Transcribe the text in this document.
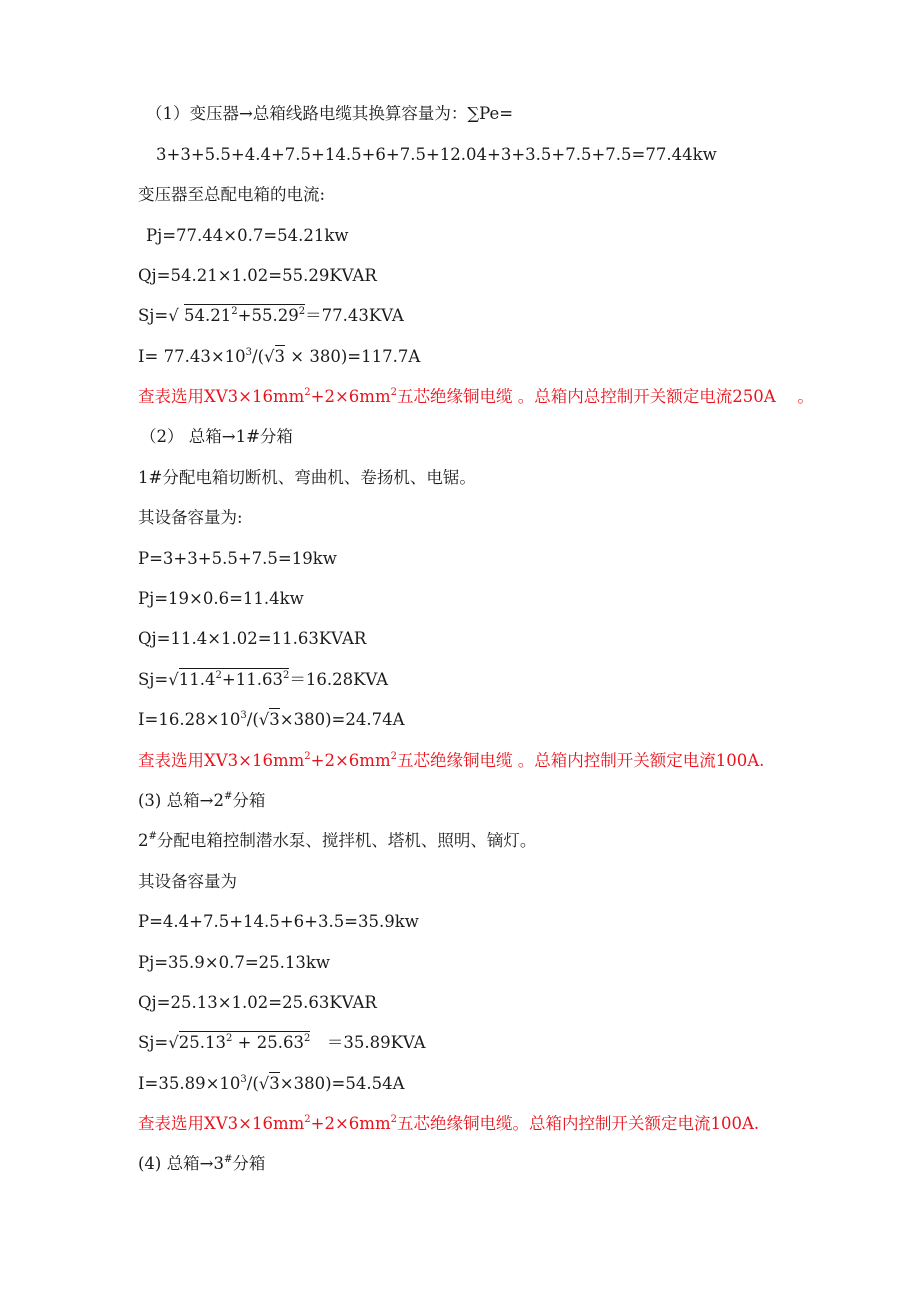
（1）变压器→总箱线路电缆其换算容量为：∑Pe=
3+3+5.5+4.4+7.5+14.5+6+7.5+12.04+3+3.5+7.5+7.5=77.44kw
变压器至总配电箱的电流:
Pj=77.44×0.7=54.21kw
Qj=54.21×1.02=55.29KVAR
Sj=√ $54.21^2+55.29^2=77.43KVA$
$I= 77.43\times 10^3/(√3 \times 380)=117.7A$
查表选用$XV3\times 16mm^2+2\times 6mm^2$五芯绝缘铜电缆 。总箱内总控制开关额定电流250A　 。
（2） 总箱→1#分箱
1#分配电箱切断机、弯曲机、卷扬机、电锯。
其设备容量为:
P=3+3+5.5+7.5=19kw
Pj=19×0.6=11.4kw
Qj=11.4×1.02=11.63KVAR
$Sj=√11.4^2+11.63^2=16.28KVA$
$I=16.28\times 10^3/(√3\times 380)=24.74A$
查表选用$XV3\times 16mm^2+2\times 6mm^2$五芯绝缘铜电缆 。总箱内控制开关额定电流100A.
(3) 总箱→2#分箱
2#分配电箱控制潜水泵、搅拌机、塔机、照明、镝灯。
其设备容量为
P=4.4+7.5+14.5+6+3.5=35.9kw
Pj=35.9×0.7=25.13kw
Qj=25.13×1.02=25.63KVAR
$Sj=√25.13^2 + 25.63^2$　＝35.89KVA
$I=35.89\times 10^3/(√3\times 380)=54.54A$
查表选用$XV3\times 16mm^2+2\times 6mm^2$五芯绝缘铜电缆。总箱内控制开关额定电流100A.
(4) 总箱→3#分箱
